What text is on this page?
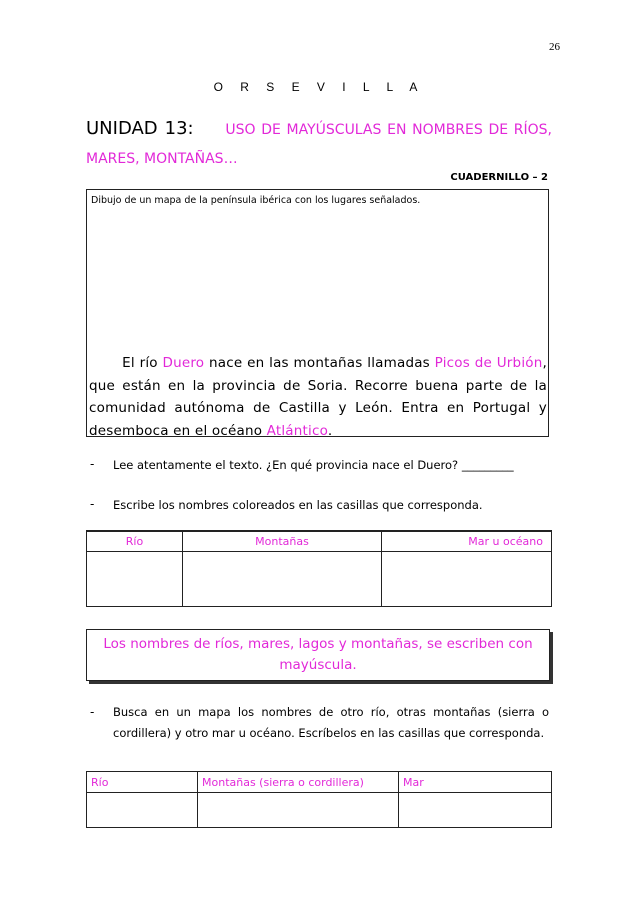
26
O R S E V I L L A
UNIDAD 13: USO DE MAYÚSCULAS EN NOMBRES DE RÍOS, MARES, MONTAÑAS…
CUADERNILLO – 2
Dibujo de un mapa de la península ibérica con los lugares señalados.
El río Duero nace en las montañas llamadas Picos de Urbión, que están en la provincia de Soria. Recorre buena parte de la comunidad autónoma de Castilla y León. Entra en Portugal y desemboca en el océano Atlántico.
- Lee atentamente el texto. ¿En qué provincia nace el Duero? _________
- Escribe los nombres coloreados en las casillas que corresponda.
Río	Montañas	Mar u océano

Los nombres de ríos, mares, lagos y montañas, se escriben con mayúscula.
- Busca en un mapa los nombres de otro río, otras montañas (sierra o cordillera) y otro mar u océano. Escríbelos en las casillas que corresponda.
Río	Montañas (sierra o cordillera)	Mar
